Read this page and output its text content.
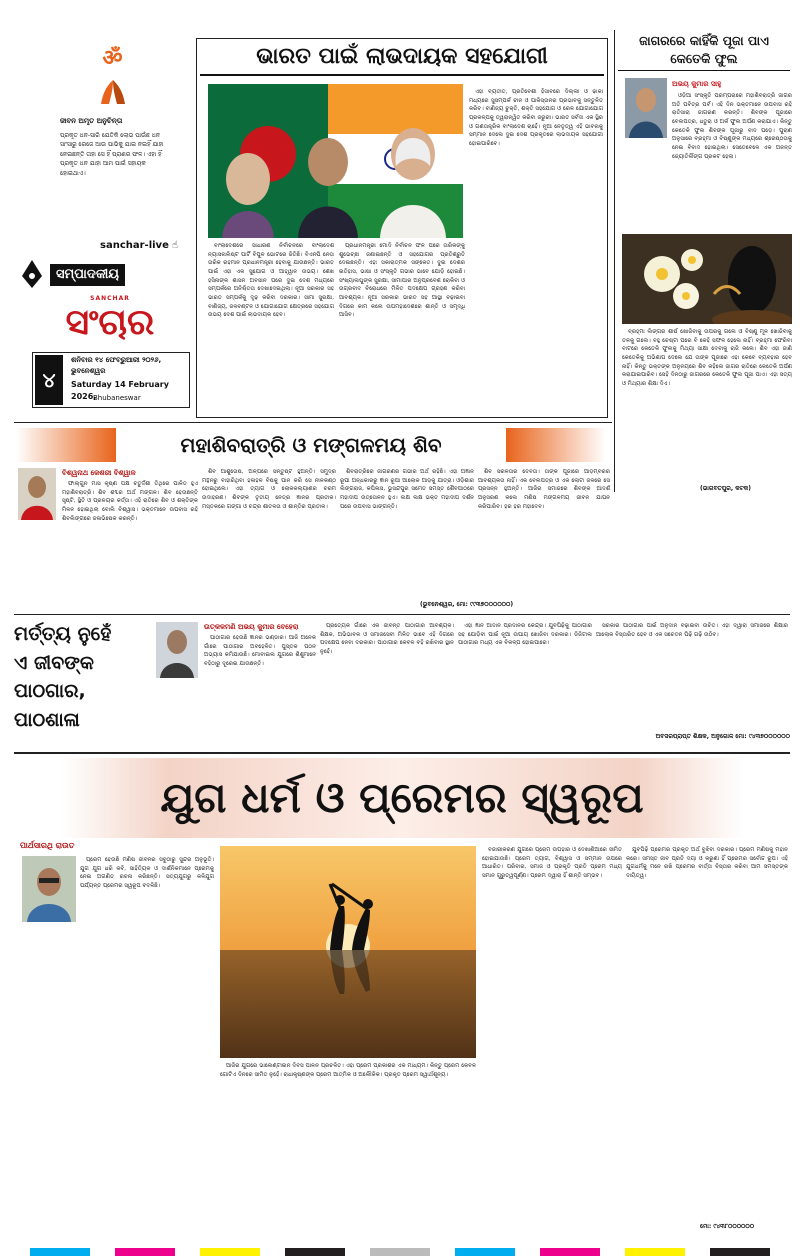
ॐ
ଜୀବନ ଅମୃତ ଅନୁଚିନ୍ତା
ପ୍ରକୃତ ଧନ-ସାରି ଯେତିକି ଲୋଭ ପାଉଁଛ ଧନ ସାଂସାରୁ ରେଜେ ଆଉ ପାଭିକୁ ଯାଇ ନଇହିଁ ଯାହା ନେଇଛନ୍ତି ତାହା ସେ ହିଁ ପ୍ରାଣର ଫଳ। ଏହା ହିଁ ପ୍ରକୃତ ଧନ ଯାହା ଆମ ପାଇଁ ସହାୟକ ହୋଇଥାଏ।
sanchar-live ☝
ସମ୍ପାଦକୀୟ
SANCHAR
ସଂଚାର
୪
ଶନିବାର ୧୪ ଫେବ୍ରୁଆରୀ ୨୦୨୬, ଭୁବନେଶ୍ୱର
Saturday 14 February 2026,
Bhubaneswar
ଭାରତ ପାଇଁ ଲାଭଦାୟକ ସହଯୋଗୀ

ବାଂଲାଦେଶରେ ସାଧାରଣ ନିର୍ବାଚନରେ ବାଂଲାଦେଶ ନ୍ୟାସନାଲିଷ୍ଟ ପାର୍ଟି ବିପୁଳ ଭୋଟରେ ଜିତିଛି। ବିଏନପି ନେତା ତାରିକ ରହମାନ ପ୍ରଧାନମନ୍ତ୍ରୀ ହେବାକୁ ଯାଉଛନ୍ତି। ଭାରତ ପାଇଁ ଏହା ଏକ ସୁଯୋଗ ଓ ଆହ୍ୱାନ ଉଭୟ। ଶେଖ ହସିନାଙ୍କ ଶାସନ ଅବସାନ ପରେ ଦୁଇ ଦେଶ ମଧ୍ୟରେ ସମ୍ପର୍କରେ ଅନିଶ୍ଚିତତା ଦେଖାଦେଇଥିଲା। ନୂଆ ସରକାର ସହ ଭାରତ ସମ୍ପର୍କକୁ ଦୃଢ଼ କରିବା ଦରକାର। ସୀମା ସୁରକ୍ଷା, ବାଣିଜ୍ୟ, ଜଳବଣ୍ଟନ ଓ ଯୋଗାଯୋଗ କ୍ଷେତ୍ରରେ ସହଯୋଗ ଉଭୟ ଦେଶ ପାଇଁ ଲାଭଦାୟକ ହେବ।

ପ୍ରଧାନମନ୍ତ୍ରୀ ମୋଦି ନିର୍ବାଚନ ଫଳ ପରେ ତାରିକଙ୍କୁ ଶୁଭେଚ୍ଛା ଜଣାଇଛନ୍ତି ଓ ସହଯୋଗର ପ୍ରତିଶ୍ରୁତି ଦେଇଛନ୍ତି। ଏହା ସକାରାତ୍ମକ ସଙ୍କେତ। ଦୁଇ ଦେଶର ଇତିହାସ, ଭାଷା ଓ ସଂସ୍କୃତି ଗଭୀର ଭାବେ ଯୋଡ଼ି ହୋଇଛି। ସଂଖ୍ୟାଲଘୁଙ୍କ ସୁରକ୍ଷା, ସୀମାପାର ଅନୁପ୍ରବେଶ ରୋକିବା ଓ ଉଗ୍ରବାଦ ବିରୋଧରେ ମିଳିତ ପଦକ୍ଷେପ ଗ୍ରହଣ କରିବା ଆବଶ୍ୟକ। ନୂଆ ସରକାର ଭାରତ ସହ ଆସ୍ଥା ବଢ଼ାଇବା ଦିଗରେ କାମ କଲେ ଉପମହାଦେଶରେ ଶାନ୍ତି ଓ ସମୃଦ୍ଧି ଆସିବ।

ଏହା ବ୍ୟତୀତ, ପ୍ରତିବେଶୀ ହିସାବରେ ଦିଲ୍ଲୀ ଓ ଢାକା ମଧ୍ୟରେ ସୁସମ୍ପର୍କ ଚୀନ ଓ ପାକିସ୍ତାନର ପ୍ରଭାବକୁ ସନ୍ତୁଳିତ କରିବ। ବାଣିଜ୍ୟ ଚୁକ୍ତି, ଶକ୍ତି ସହଯୋଗ ଓ ରେଳ ଯୋଗାଯୋଗ ପ୍ରକଳ୍ପକୁ ତ୍ୱରାନ୍ୱିତ କରିବା ଜରୁରୀ। ଭାରତ ସର୍ବଦା ଏକ ସ୍ଥିର ଓ ଗଣତାନ୍ତ୍ରିକ ବାଂଲାଦେଶ ଚାହେଁ। ନୂଆ ନେତୃତ୍ୱ ଏହି ଭାବନାକୁ ସମ୍ମାନ ଦେଲେ ଦୁଇ ଦେଶ ପ୍ରକୃତରେ ଲାଭଦାୟକ ସହଯୋଗୀ ହୋଇପାରିବେ।

ଜାଗରରେ କାହିଁକି ପୂଜା ପାଏ କେତେକି ଫୁଲ
ଅଭୟ କୁମାର ସାହୁ

ଓଡ଼ିଆ ସଂସ୍କୃତି ପରମ୍ପରାରେ ମହାଶିବରାତ୍ରି ଜାଗର ଅତି ପବିତ୍ର ପର୍ବ। ଏହି ଦିନ ଭକ୍ତମାନେ ଉପବାସ ରହି ରାତିସାରା ଜାଗରଣ କରନ୍ତି। ଶିବଙ୍କ ପୂଜାରେ ବେଲପତ୍ର, ଧତୁରା ଓ ଅର୍କ ଫୁଲ ଅର୍ପଣ କରାଯାଏ। କିନ୍ତୁ କେତେକି ଫୁଲ ଶିବଙ୍କ ପୂଜାରୁ ବାଦ ପଡ଼େ। ପୁରାଣ ଅନୁସାରେ ବ୍ରହ୍ମା ଓ ବିଷ୍ଣୁଙ୍କ ମଧ୍ୟରେ ଶ୍ରେଷ୍ଠତାକୁ ନେଇ ବିବାଦ ହୋଇଥିଲା। ସେତେବେଳେ ଏକ ଅନନ୍ତ ଜ୍ୟୋତିର୍ଲିଙ୍ଗ ପ୍ରକଟ ହେଲା।

ବ୍ରହ୍ମା ଲିଙ୍ଗର ଶୀର୍ଷ ଖୋଜିବାକୁ ଉପରକୁ ଗଲେ ଓ ବିଷ୍ଣୁ ମୂଳ ଖୋଜିବାକୁ ତଳକୁ ଗଲେ। ବହୁ ଚେଷ୍ଟା ପରେ ବି କେହି ସଫଳ ହେଲେ ନାହିଁ। ବ୍ରହ୍ମା ଫେରିବା ବାଟରେ କେତେକି ଫୁଲକୁ ମିଥ୍ୟା ସାକ୍ଷୀ ଦେବାକୁ ରାଜି କଲେ। ଶିବ ଏହା ଜାଣି କେତେକିକୁ ଅଭିଶାପ ଦେଲେ ଯେ ତାଙ୍କ ପୂଜାରେ ଏହା କେବେ ବ୍ୟବହାର ହେବ ନାହିଁ। କିନ୍ତୁ ଭକ୍ତଙ୍କ ଅନୁନୟରେ ଶିବ କହିଲେ ଜାଗର ରାତିରେ କେତେକି ଅର୍ପଣ କରାଯାଇପାରିବ। ସେହି ଦିନଠାରୁ ଜାଗରରେ କେତେକି ଫୁଲ ପୂଜା ପାଏ। ଏହା ସତ୍ୟ ଓ ମିଥ୍ୟାର ଶିକ୍ଷା ଦିଏ।

(ଭାଗବତପୁର, କଟକ)
ମହାଶିବରାତ୍ରି ଓ ମଙ୍ଗଳମୟ ଶିବ
ବିଶ୍ୱନାଥ କେଶରୀ ବିଶ୍ୱାଳ

ଫାଲ୍ଗୁନ ମାସ କୃଷ୍ଣ ପକ୍ଷ ଚତୁର୍ଦ୍ଦଶୀ ତିଥିରେ ପାଳିତ ହୁଏ ମହାଶିବରାତ୍ରି। ଶିବ ଶବ୍ଦର ଅର୍ଥ ମଙ୍ଗଳ। ଶିବ ହେଉଛନ୍ତି ସୃଷ୍ଟି, ସ୍ଥିତି ଓ ପ୍ରଳୟର କର୍ତ୍ତା। ଏହି ରାତିରେ ଶିବ ଓ ଶକ୍ତିଙ୍କ ମିଳନ ହୋଇଥିଲା ବୋଲି ବିଶ୍ୱାସ। ଭକ୍ତମାନେ ଉପବାସ ରହି ଶିବଲିଙ୍ଗରେ ଜଳାଭିଷେକ କରନ୍ତି।

ଶିବ ଆଶୁତୋଷ, ଅଳ୍ପରେ ସନ୍ତୁଷ୍ଟ ହୁଅନ୍ତି। ସମୁଦ୍ର ମନ୍ଥନରୁ ବାହାରିଥିବା ହଳାହଳ ବିଷକୁ ପାନ କରି ସେ ନୀଳକଣ୍ଠ ହୋଇଥିଲେ। ଏହା ତ୍ୟାଗ ଓ ଲୋକକଲ୍ୟାଣର ଚରମ ଉଦାହରଣ। ଶିବଙ୍କ ତୃତୀୟ ନେତ୍ର ଜ୍ଞାନର ପ୍ରତୀକ। ମସ୍ତକରେ ଗଙ୍ଗା ଓ ଚନ୍ଦ୍ର ଶୀତଳତା ଓ ଶାନ୍ତିର ପ୍ରତୀକ।

ଶିବରାତ୍ରିରେ ଜାଗରଣର ଗଭୀର ଅର୍ଥ ରହିଛି। ଏହା ଅଜ୍ଞାନ ରୂପୀ ଅନ୍ଧକାରରୁ ଜ୍ଞାନ ରୂପୀ ଆଲୋକ ଆଡ଼କୁ ଯାତ୍ରା। ଓଡ଼ିଶାର ଲିଙ୍ଗରାଜ, କପିଳାସ, ଭୁସନ୍ଦପୁର ସମେତ ସମସ୍ତ ଶୈବପୀଠରେ ମହାଦୀପ ଉତ୍ତୋଳନ ହୁଏ। ଲକ୍ଷ ଲକ୍ଷ ଭକ୍ତ ମହାଦୀପ ଦର୍ଶନ ପରେ ଉପବାସ ଭାଙ୍ଗନ୍ତି।

ଶିବ ସରଳତାର ଦେବତା। ତାଙ୍କ ପୂଜାରେ ଆଡ଼ମ୍ବରର ଆବଶ୍ୟକତା ନାହିଁ। ଏକ ବେଲପତ୍ର ଓ ଏକ ଲୋଟା ଜଳରେ ସେ ପ୍ରସନ୍ନ ହୁଅନ୍ତି। ଆଜିର ସମାଜରେ ଶିବଙ୍କ ଆଦର୍ଶ ଅନୁସରଣ କଲେ ମଣିଷ ମଙ୍ଗଳମୟ ଜୀବନ ଯାପନ କରିପାରିବ। ହର ହର ମହାଦେବ।

(ଭୁବନେଶ୍ୱର, ମୋ: ୯୯୩୭୦୦୦୦୦୦)
ମର୍ତ୍ତ୍ୟ ନୁହେଁ
ଏ ଜୀବଙ୍କ
ପାଠଗାର,
ପାଠଶାଳା
ଉତ୍କଳମଣି ଅଭୟ କୁମାର ବେହେରା

ପାଠାଗାର ହେଉଛି ଜ୍ଞାନର ଭଣ୍ଡାର। ଆଜି ଅନେକ ଗାଁରେ ପାଠାଗାର ଅବହେଳିତ। ପୁସ୍ତକ ପଠନ ଅଭ୍ୟାସ କମିଯାଉଛି। ମୋବାଇଲ ଯୁଗରେ ଶିଶୁମାନେ ବହିଠାରୁ ଦୂରେଇ ଯାଉଛନ୍ତି।

ପ୍ରତ୍ୟେକ ଗାଁରେ ଏକ ଜୀବନ୍ତ ପାଠାଗାର ଆବଶ୍ୟକ। ଶିକ୍ଷକ, ଅଭିଭାବକ ଓ ସମାଜସେବୀ ମିଳିତ ଭାବେ ଏହି ଦିଗରେ ପଦକ୍ଷେପ ନେବା ଦରକାର। ପାଠାଗାର କେବଳ ବହି ରଖିବାର ସ୍ଥାନ ନୁହେଁ।

ଏହା ଜ୍ଞାନ ଆଦାନ ପ୍ରଦାନର କେନ୍ଦ୍ର। ଯୁବପିଢ଼ିକୁ ପାଠାଗାର ସହ ଯୋଡ଼ିବା ପାଇଁ ନୂଆ ଉପାୟ ଖୋଜିବା ଦରକାର। ଡିଜିଟାଲ ପାଠାଗାର ମଧ୍ୟ ଏକ ବିକଳ୍ପ ହୋଇପାରେ।

ସରକାର ପାଠାଗାର ପାଇଁ ଅନୁଦାନ ବଢ଼ାଇବା ଉଚିତ। ଏହା ଦ୍ୱାରା ସମାଜରେ ଶିକ୍ଷାର ଆଲୋକ ବିସ୍ତାରିତ ହେବ ଓ ଏକ ସଚେତନ ପିଢ଼ି ଗଢ଼ି ଉଠିବ।

ଅବସରପ୍ରାପ୍ତ ଶିକ୍ଷକ, ଅନୁଗୋଳ ମୋ: ୯୪୩୭୦୦୦୦୦୦
ଯୁଗ ଧର୍ମ ଓ ପ୍ରେମର ସ୍ୱରୂପ
ପାର୍ଥସାରଥି ରାଉତ

ପ୍ରେମ ହେଉଛି ମଣିଷ ଜୀବନର ସବୁଠାରୁ ସୁନ୍ଦର ଅନୁଭୂତି। ଯୁଗ ଯୁଗ ଧରି କବି, ସାହିତ୍ୟିକ ଓ ଦାର୍ଶନିକମାନେ ପ୍ରେମକୁ ନେଇ ଅଗଣିତ ରଚନା କରିଛନ୍ତି। ସତ୍ୟଯୁଗରୁ କଳିଯୁଗ ପର୍ଯ୍ୟନ୍ତ ପ୍ରେମର ସ୍ୱରୂପ ବଦଳିଛି।

ଆଜିର ଯୁଗରେ ଭାଲେଣ୍ଟାଇନ ଦିବସ ପାଳନ ପ୍ରଚଳିତ। ଏହା ପ୍ରେମ ପ୍ରକାଶର ଏକ ମାଧ୍ୟମ। କିନ୍ତୁ ପ୍ରେମ କେବଳ ଗୋଟିଏ ଦିନରେ ସୀମିତ ନୁହେଁ। ରାଧାକୃଷ୍ଣଙ୍କ ପ୍ରେମ ଆତ୍ମିକ ଓ ଅଲୌକିକ। ପ୍ରକୃତ ପ୍ରେମ ସ୍ୱାର୍ଥଶୂନ୍ୟ।

ବଜାରୀକରଣ ଯୁଗରେ ପ୍ରେମ ଉପହାର ଓ ଦେଖାଣିଆରେ ସୀମିତ ହୋଇଯାଉଛି। ପ୍ରେମ ତ୍ୟାଗ, ବିଶ୍ୱାସ ଓ ସମ୍ମାନ ଉପରେ ଆଧାରିତ। ପରିବାର, ସମାଜ ଓ ପ୍ରକୃତି ପ୍ରତି ପ୍ରେମ ମଧ୍ୟ ସମାନ ଗୁରୁତ୍ୱପୂର୍ଣ୍ଣ। ପ୍ରେମ ଦ୍ୱାରା ହିଁ ଶାନ୍ତି ସମ୍ଭବ।

ଯୁବପିଢ଼ି ପ୍ରେମର ପ୍ରକୃତ ଅର୍ଥ ବୁଝିବା ଦରକାର। ପ୍ରେମ ମଣିଷକୁ ମହାନ କରେ। ସମସ୍ତ ଜୀବ ପ୍ରତି ଦୟା ଓ କରୁଣା ହିଁ ପ୍ରେମର ସର୍ବୋଚ୍ଚ ରୂପ। ଏହି ଯୁଗଧର୍ମକୁ ମନେ ରଖି ପ୍ରେମର ବାର୍ତ୍ତା ବିସ୍ତାର କରିବା ଆମ ସମସ୍ତଙ୍କ ଦାୟିତ୍ୱ।

ମୋ: ୯୪୩୮୦୦୦୦୦୦
